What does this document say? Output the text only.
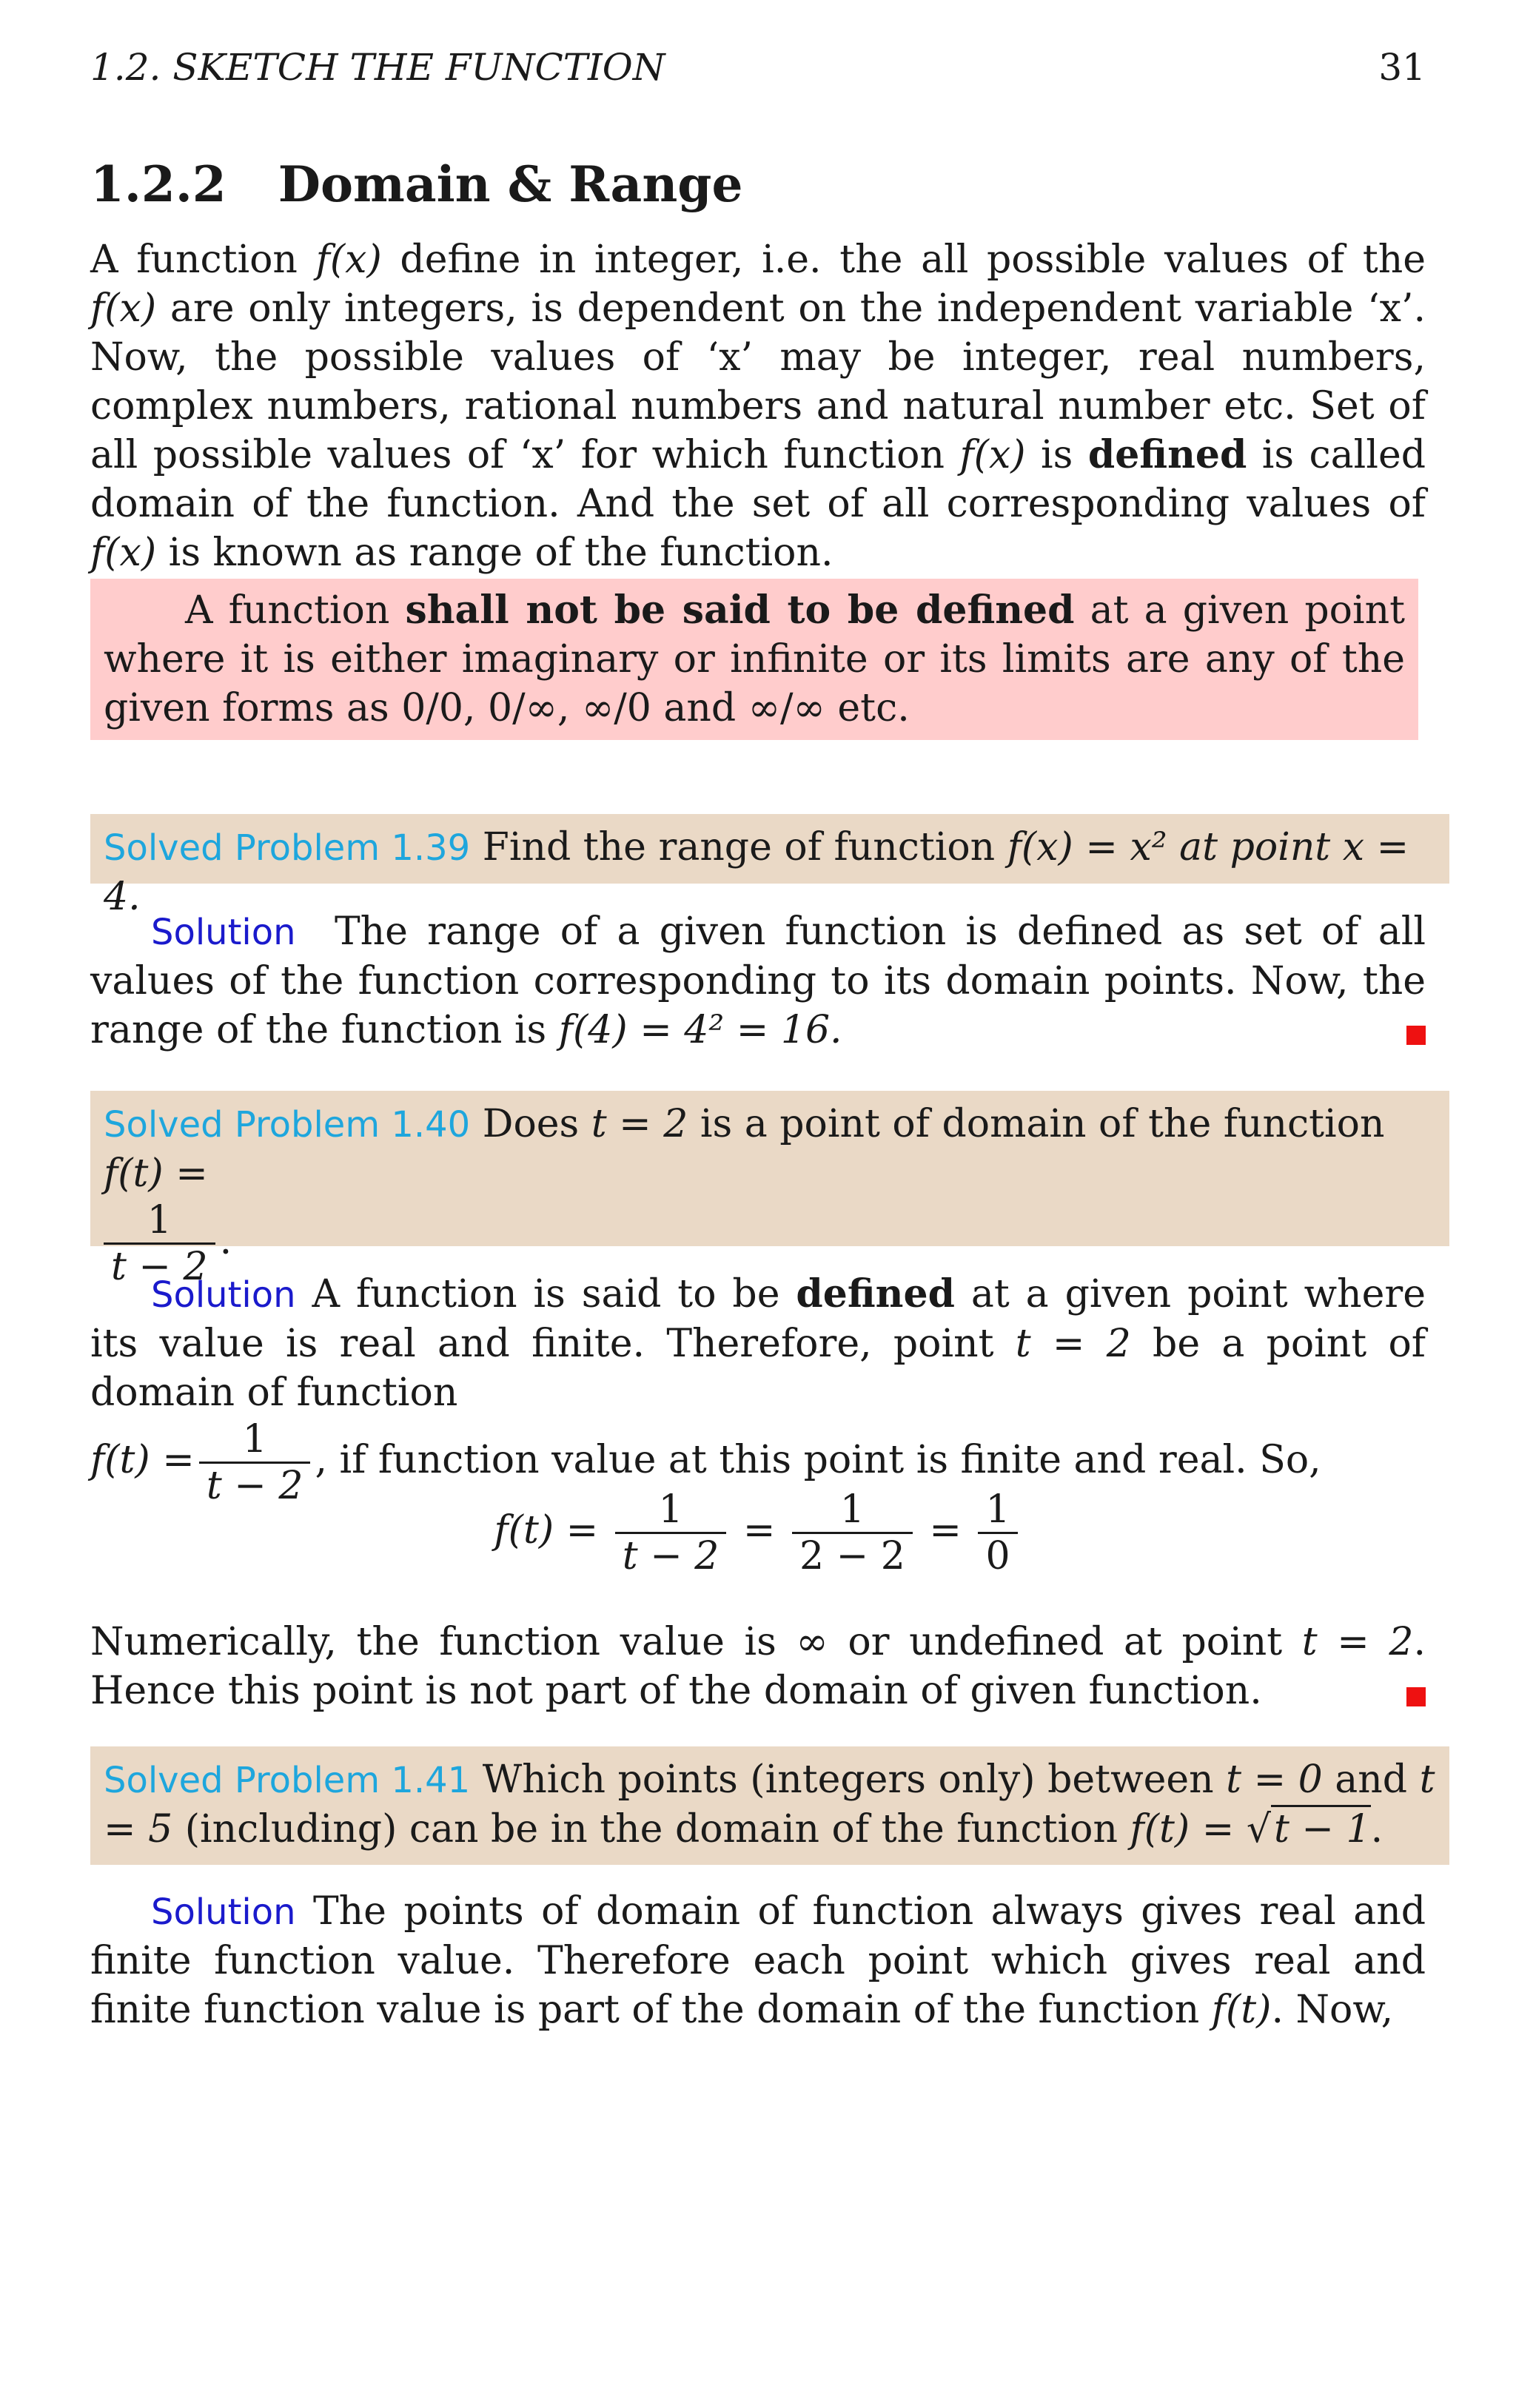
1.2. SKETCH THE FUNCTION	31
1.2.2 Domain & Range
A function f(x) define in integer, i.e. the all possible values of the f(x) are only integers, is dependent on the independent variable ‘x’. Now, the possible values of ‘x’ may be integer, real numbers, complex numbers, rational numbers and natural number etc. Set of all possible values of ‘x’ for which function f(x) is defined is called domain of the function. And the set of all corresponding values of f(x) is known as range of the function.
A function shall not be said to be defined at a given point where it is either imaginary or infinite or its limits are any of the given forms as 0/0, 0/∞, ∞/0 and ∞/∞ etc.
Solved Problem 1.39 Find the range of function f(x) = x² at point x = 4.
Solution The range of a given function is defined as set of all values of the function corresponding to its domain points. Now, the range of the function is f(4) = 4² = 16.
Solved Problem 1.40 Does t = 2 is a point of domain of the function f(t) =

$\frac{1}{t - 2}$ .
Solution A function is said to be defined at a given point where its value is real and finite. Therefore, point t = 2 be a point of domain of function
$f(t) = \frac{1}{t - 2}$ , if function value at this point is finite and real. So,
$f(t) = \frac{1}{t - 2} = \frac{1}{2 - 2} = \frac{1}{0}$
Numerically, the function value is ∞ or undefined at point t = 2. Hence this point is not part of the domain of given function.
Solved Problem 1.41 Which points (integers only) between t = 0 and t = 5 (including) can be in the domain of the function f(t) = √t − 1.
Solution The points of domain of function always gives real and finite function value. Therefore each point which gives real and finite function value is part of the domain of the function f(t). Now,
